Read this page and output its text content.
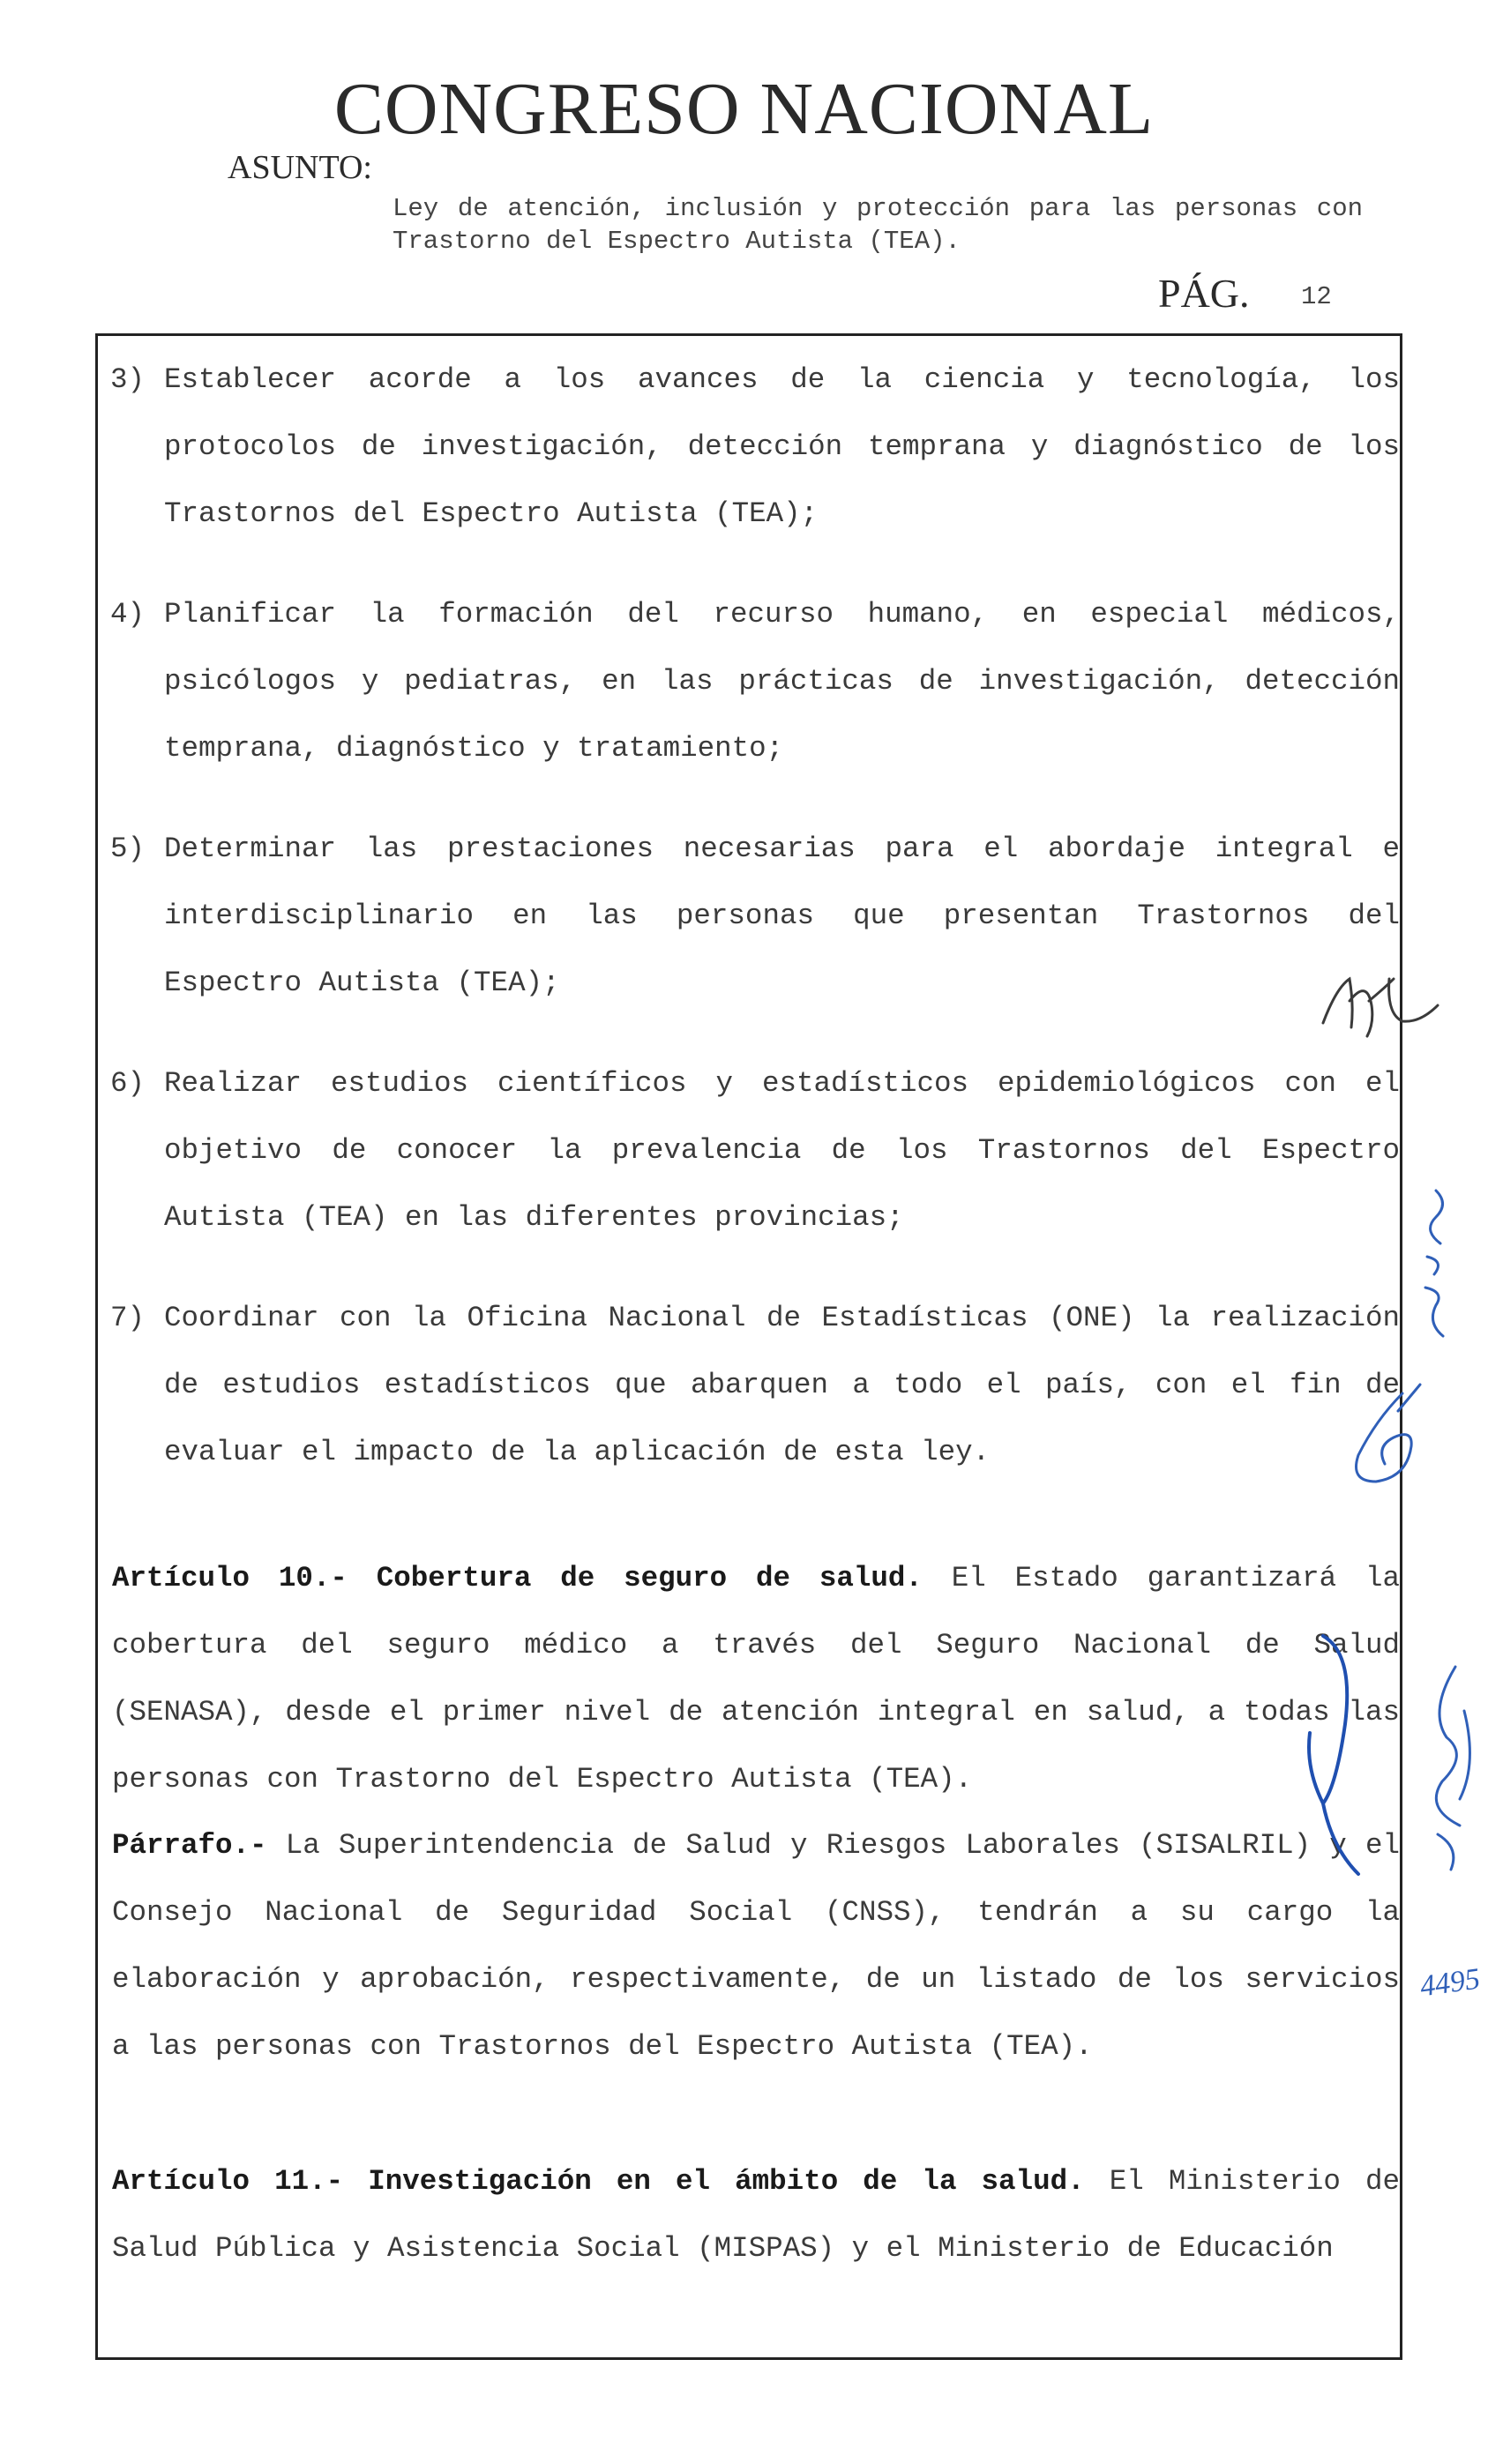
CONGRESO NACIONAL
ASUNTO:
Ley de atención, inclusión y protección para las personas con Trastorno del Espectro Autista (TEA).
PÁG. 12
3) Establecer acorde a los avances de la ciencia y tecnología, los protocolos de investigación, detección temprana y diagnóstico de los Trastornos del Espectro Autista (TEA);
4) Planificar la formación del recurso humano, en especial médicos, psicólogos y pediatras, en las prácticas de investigación, detección temprana, diagnóstico y tratamiento;
5) Determinar las prestaciones necesarias para el abordaje integral e interdisciplinario en las personas que presentan Trastornos del Espectro Autista (TEA);
6) Realizar estudios científicos y estadísticos epidemiológicos con el objetivo de conocer la prevalencia de los Trastornos del Espectro Autista (TEA) en las diferentes provincias;
7) Coordinar con la Oficina Nacional de Estadísticas (ONE) la realización de estudios estadísticos que abarquen a todo el país, con el fin de evaluar el impacto de la aplicación de esta ley.
Artículo 10.- Cobertura de seguro de salud. El Estado garantizará la cobertura del seguro médico a través del Seguro Nacional de Salud (SENASA), desde el primer nivel de atención integral en salud, a todas las personas con Trastorno del Espectro Autista (TEA).
Párrafo.- La Superintendencia de Salud y Riesgos Laborales (SISALRIL) y el Consejo Nacional de Seguridad Social (CNSS), tendrán a su cargo la elaboración y aprobación, respectivamente, de un listado de los servicios a las personas con Trastornos del Espectro Autista (TEA).
Artículo 11.- Investigación en el ámbito de la salud. El Ministerio de Salud Pública y Asistencia Social (MISPAS) y el Ministerio de Educación
4495
